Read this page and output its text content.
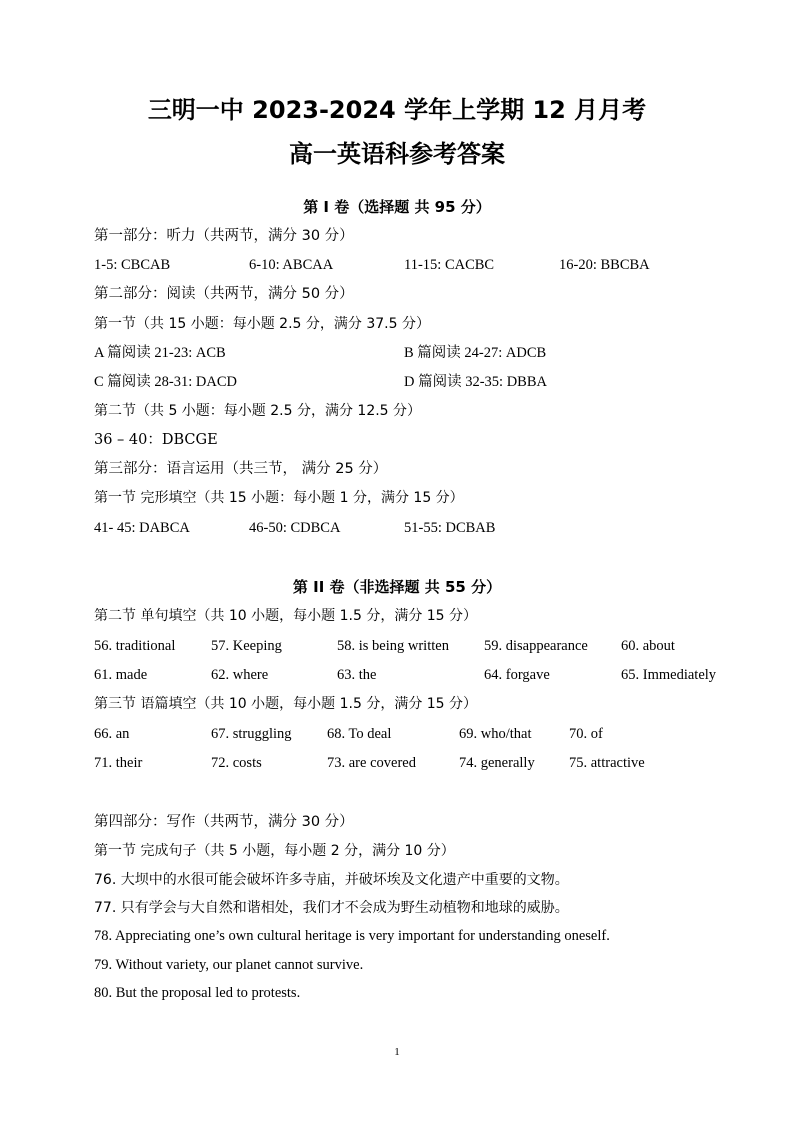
三明一中 2023-2024 学年上学期 12 月月考
高一英语科参考答案
第 I 卷（选择题 共 95 分）
第一部分：听力（共两节，满分 30 分）
1-5: CBCAB	6-10: ABCAA	11-15: CACBC	16-20: BBCBA
第二部分：阅读（共两节，满分 50 分）
第一节（共 15 小题：每小题 2.5 分，满分 37.5 分）
A 篇阅读 21-23: ACB	B 篇阅读 24-27: ADCB
C 篇阅读 28-31: DACD	D 篇阅读 32-35: DBBA
第二节（共 5 小题：每小题 2.5 分，满分 12.5 分）
36 – 40：DBCGE
第三部分：语言运用（共三节， 满分 25 分）
第一节 完形填空（共 15 小题：每小题 1 分，满分 15 分）
41- 45: DABCA	46-50: CDBCA	51-55: DCBAB
第 II 卷（非选择题 共 55 分）
第二节 单句填空（共 10 小题，每小题 1.5 分，满分 15 分）
56. traditional 57. Keeping	58. is being written 59. disappearance 60. about
61. made	62. where	63. the	64. forgave	65. Immediately
第三节 语篇填空（共 10 小题，每小题 1.5 分，满分 15 分）
66. an	67. struggling 68. To deal	69. who/that	70. of
71. their	72. costs	73. are covered	74. generally 75. attractive
第四部分：写作（共两节，满分 30 分）
第一节 完成句子（共 5 小题，每小题 2 分，满分 10 分）
76. 大坝中的水很可能会破坏许多寺庙，并破坏埃及文化遗产中重要的文物。
77. 只有学会与大自然和谐相处，我们才不会成为野生动植物和地球的威胁。
78. Appreciating one’s own cultural heritage is very important for understanding oneself.
79. Without variety, our planet cannot survive.
80. But the proposal led to protests.
1
